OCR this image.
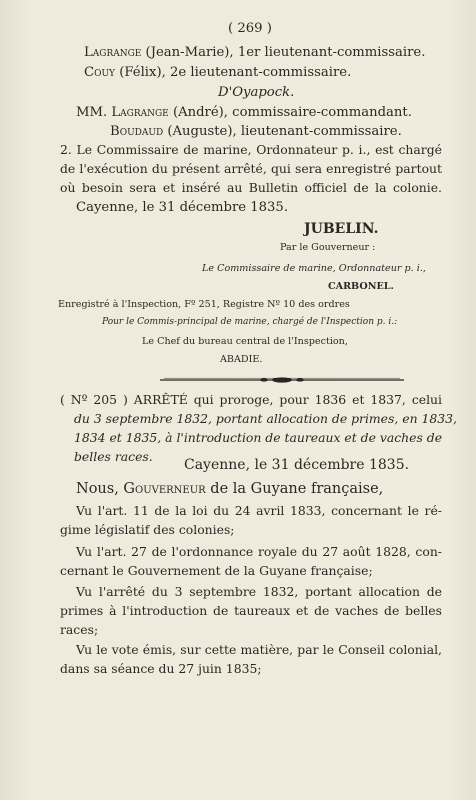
( 269 )
Lagrange (Jean-Marie), 1er lieutenant-commissaire.
Couy (Félix), 2e lieutenant-commissaire.
D'Oyapock.
MM. Lagrange (André), commissaire-commandant.
Boudaud (Auguste), lieutenant-commissaire.
2. Le Commissaire de marine, Ordonnateur p. i., est chargé
de l'exécution du présent arrêté, qui sera enregistré partout
où besoin sera et inséré au Bulletin officiel de la colonie.
Cayenne, le 31 décembre 1835.
JUBELIN.
Par le Gouverneur :
Le Commissaire de marine, Ordonnateur p. i.,
CARBONEL.
Enregistré à l'Inspection, Fº 251, Registre Nº 10 des ordres
Pour le Commis-principal de marine, chargé de l'Inspection p. i.:
Le Chef du bureau central de l'Inspection,
ABADIE.
( Nº 205 ) ARRÊTÉ qui proroge, pour 1836 et 1837, celui
du 3 septembre 1832, portant allocation de primes, en 1833,
1834 et 1835, à l'introduction de taureaux et de vaches de
belles races.
Cayenne, le 31 décembre 1835.
Nous, Gouverneur de la Guyane française,
Vu l'art. 11 de la loi du 24 avril 1833, concernant le ré-
gime législatif des colonies;
Vu l'art. 27 de l'ordonnance royale du 27 août 1828, con-
cernant le Gouvernement de la Guyane française;
Vu l'arrêté du 3 septembre 1832, portant allocation de
primes à l'introduction de taureaux et de vaches de belles
races;
Vu le vote émis, sur cette matière, par le Conseil colonial,
dans sa séance du 27 juin 1835;
